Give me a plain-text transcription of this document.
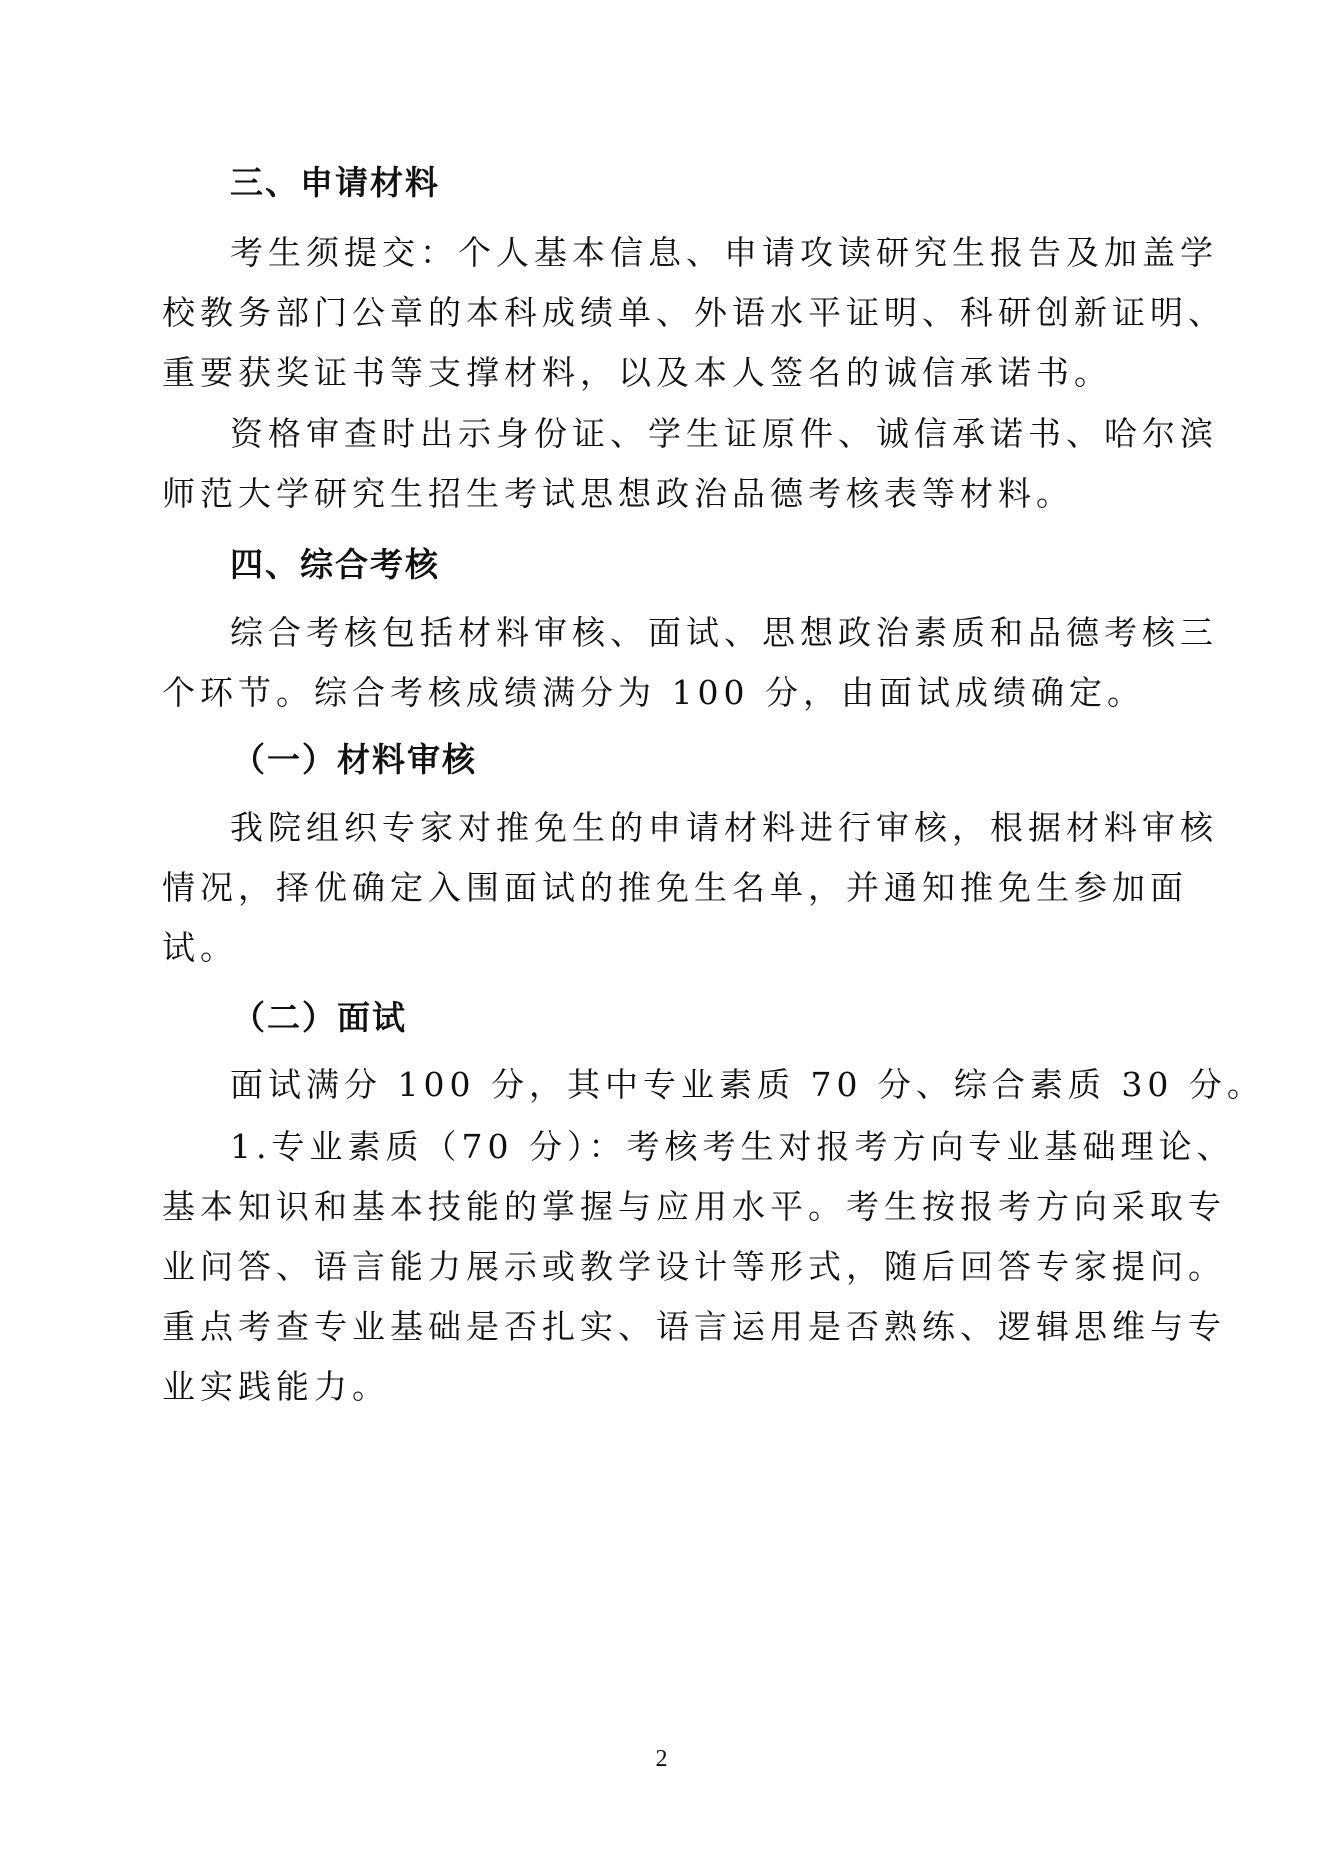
三、申请材料
考生须提交：个人基本信息、申请攻读研究生报告及加盖学
校教务部门公章的本科成绩单、外语水平证明、科研创新证明、
重要获奖证书等支撑材料，以及本人签名的诚信承诺书。
资格审查时出示身份证、学生证原件、诚信承诺书、哈尔滨
师范大学研究生招生考试思想政治品德考核表等材料。
四、综合考核
综合考核包括材料审核、面试、思想政治素质和品德考核三
个环节。综合考核成绩满分为 100 分，由面试成绩确定。
（一）材料审核
我院组织专家对推免生的申请材料进行审核，根据材料审核
情况，择优确定入围面试的推免生名单，并通知推免生参加面
试。
（二）面试
面试满分 100 分，其中专业素质 70 分、综合素质 30 分。
1.专业素质（70 分）：考核考生对报考方向专业基础理论、
基本知识和基本技能的掌握与应用水平。考生按报考方向采取专
业问答、语言能力展示或教学设计等形式，随后回答专家提问。
重点考查专业基础是否扎实、语言运用是否熟练、逻辑思维与专
业实践能力。
2
